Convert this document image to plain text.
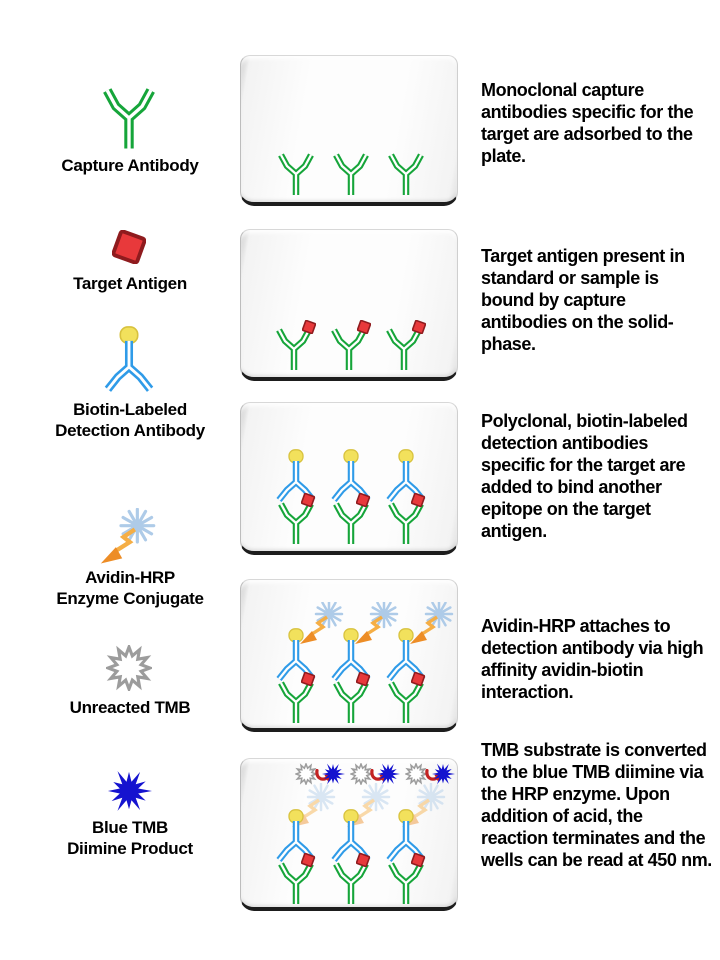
Capture Antibody
Target Antigen
Biotin-Labeled
Detection Antibody
Avidin-HRP
Enzyme Conjugate
Unreacted TMB
Blue TMB
Diimine Product

Monoclonal capture antibodies specific for the target are adsorbed to the plate.

Target antigen present in standard or sample is bound by capture antibodies on the solid-phase.

Polyclonal, biotin-labeled detection antibodies specific for the target are added to bind another epitope on the target antigen.

Avidin-HRP attaches to detection antibody via high affinity avidin-biotin interaction.

TMB substrate is converted to the blue TMB diimine via the HRP enzyme. Upon addition of acid, the reaction terminates and the wells can be read at 450 nm.
